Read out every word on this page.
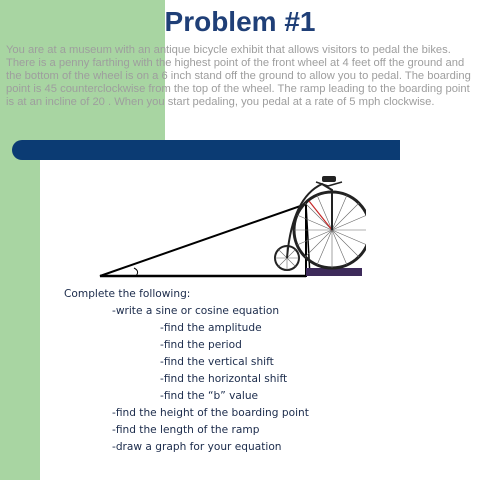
Problem #1

You are at a museum with an antique bicycle exhibit that allows visitors to pedal the bikes. There is a penny farthing with the highest point of the front wheel at 4 feet off the ground and the bottom of the wheel is on a 6 inch stand off the ground to allow you to pedal. The boarding point is 45 counterclockwise from the top of the wheel. The ramp leading to the boarding point is at an incline of 20 . When you start pedaling, you pedal at a rate of 5 mph clockwise.

Complete the following:
-write a sine or cosine equation
-find the amplitude
-find the period
-find the vertical shift
-find the horizontal shift
-find the “b” value
-find the height of the boarding point
-find the length of the ramp
-draw a graph for your equation
